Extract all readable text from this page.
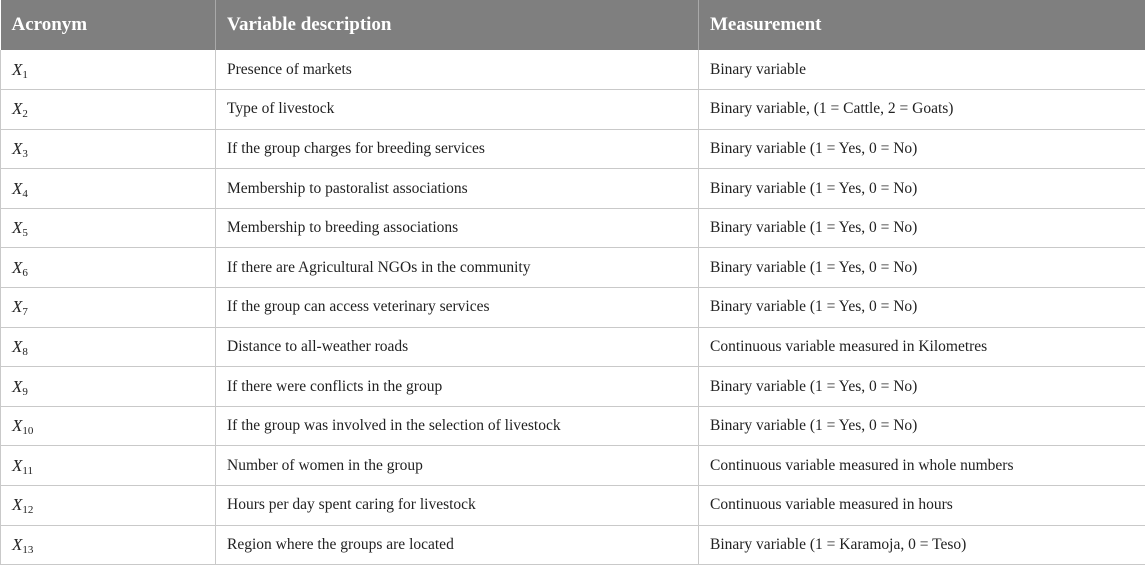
Acronym	Variable description	Measurement
$X_1$	Presence of markets	Binary variable
$X_2$	Type of livestock	Binary variable, (1 = Cattle, 2 = Goats)
$X_3$	If the group charges for breeding services	Binary variable (1 = Yes, 0 = No)
$X_4$	Membership to pastoralist associations	Binary variable (1 = Yes, 0 = No)
$X_5$	Membership to breeding associations	Binary variable (1 = Yes, 0 = No)
$X_6$	If there are Agricultural NGOs in the community	Binary variable (1 = Yes, 0 = No)
$X_7$	If the group can access veterinary services	Binary variable (1 = Yes, 0 = No)
$X_8$	Distance to all-weather roads	Continuous variable measured in Kilometres
$X_9$	If there were conflicts in the group	Binary variable (1 = Yes, 0 = No)
$X_{10}$	If the group was involved in the selection of livestock	Binary variable (1 = Yes, 0 = No)
$X_{11}$	Number of women in the group	Continuous variable measured in whole numbers
$X_{12}$	Hours per day spent caring for livestock	Continuous variable measured in hours
$X_{13}$	Region where the groups are located	Binary variable (1 = Karamoja, 0 = Teso)
